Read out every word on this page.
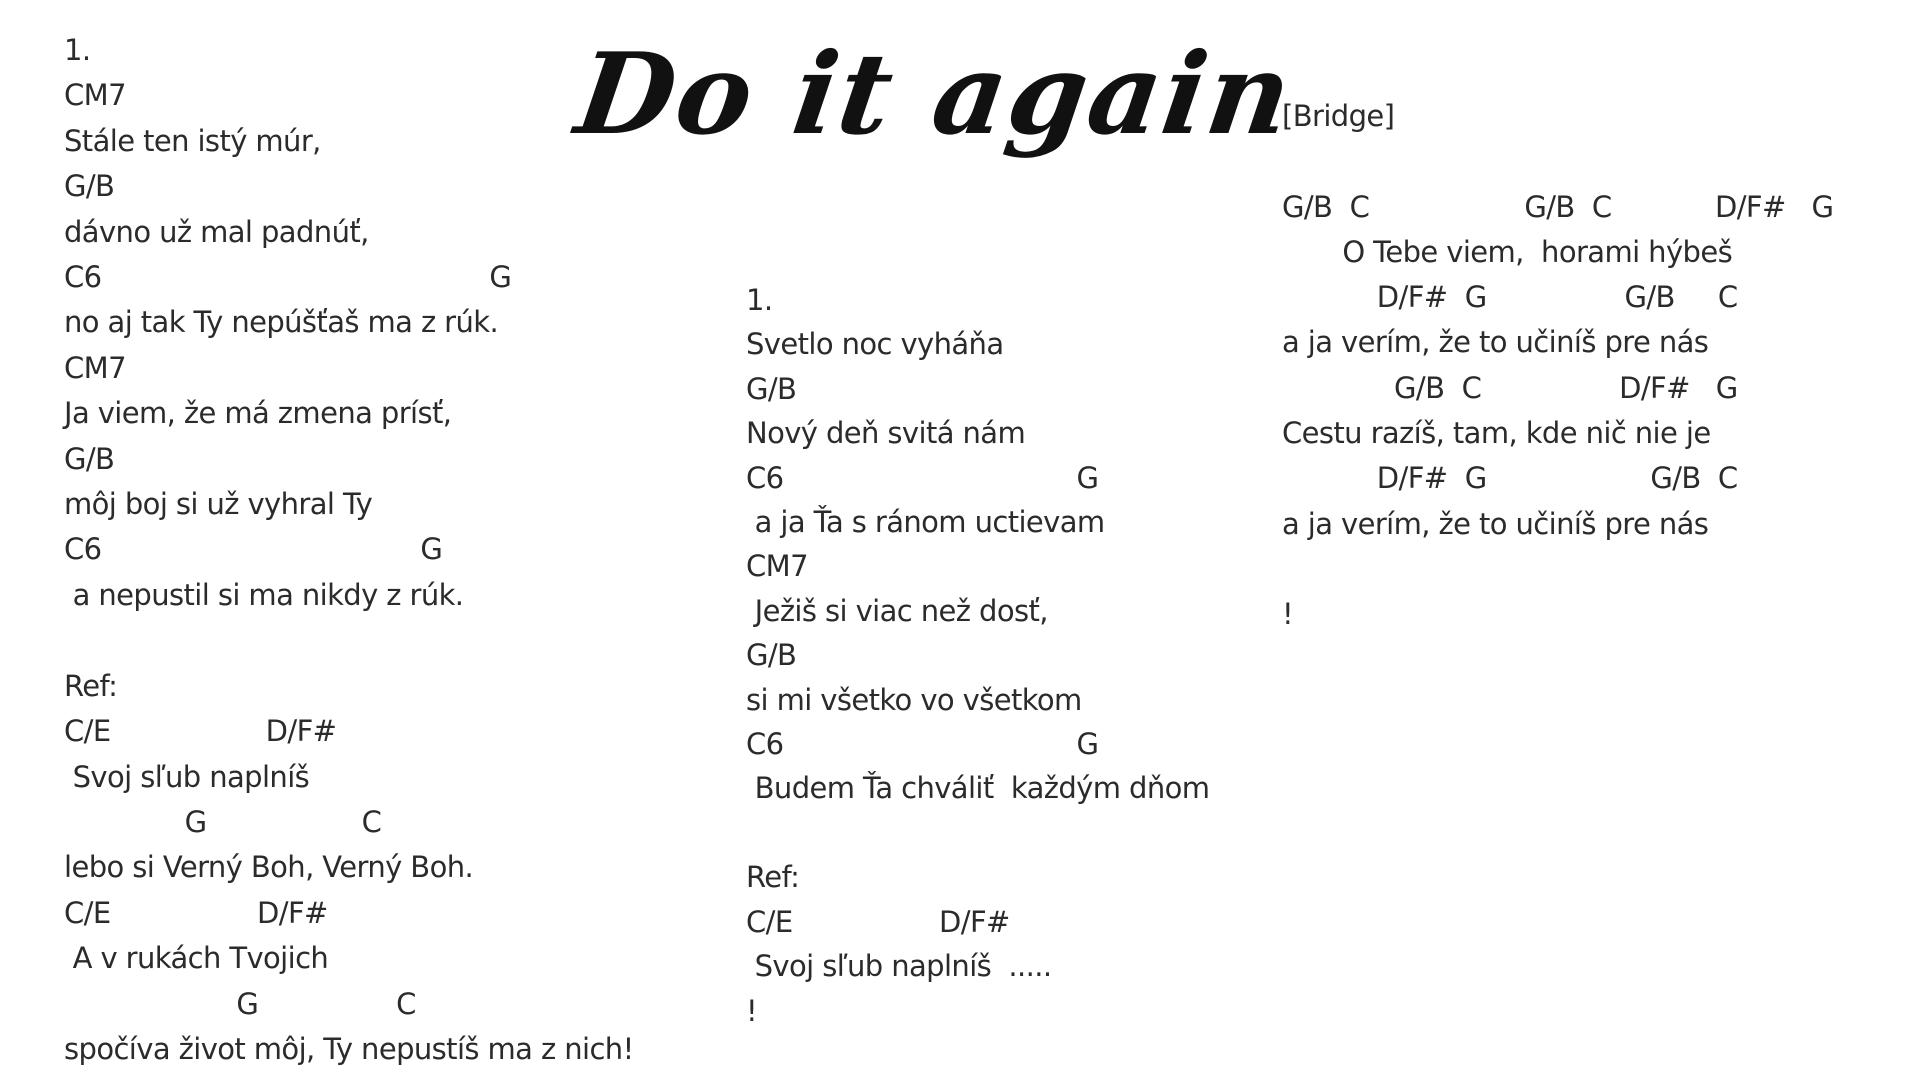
1.
CM7
Stále ten istý múr,
G/B
dávno už mal padnúť,
C6                                             G
no aj tak Ty nepúšťaš ma z rúk.
CM7
Ja viem, že má zmena prísť,
G/B
môj boj si už vyhral Ty
C6                                     G
a nepustil si ma nikdy z rúk.

Ref:
C/E                  D/F#
Svoj sľub naplníš
G                  C
lebo si Verný Boh, Verný Boh.
C/E                 D/F#
A v rukách Tvojich
G                C
spočíva život môj, Ty nepustíš ma z nich!
Do it again
1.
Svetlo noc vyháňa
G/B
Nový deň svitá nám
C6                                  G
a ja Ťa s ránom uctievam
CM7
Ježiš si viac než dosť,
G/B
si mi všetko vo všetkom
C6                                  G
Budem Ťa chváliť  každým dňom

Ref:
C/E                 D/F#
Svoj sľub naplníš  .....
!
[Bridge]

G/B  C                  G/B  C            D/F#   G
O Tebe viem,  horami hýbeš
D/F#  G                G/B     C
a ja verím, že to učiníš pre nás
G/B  C                D/F#   G
Cestu razíš, tam, kde nič nie je
D/F#  G                   G/B  C
a ja verím, že to učiníš pre nás

!
